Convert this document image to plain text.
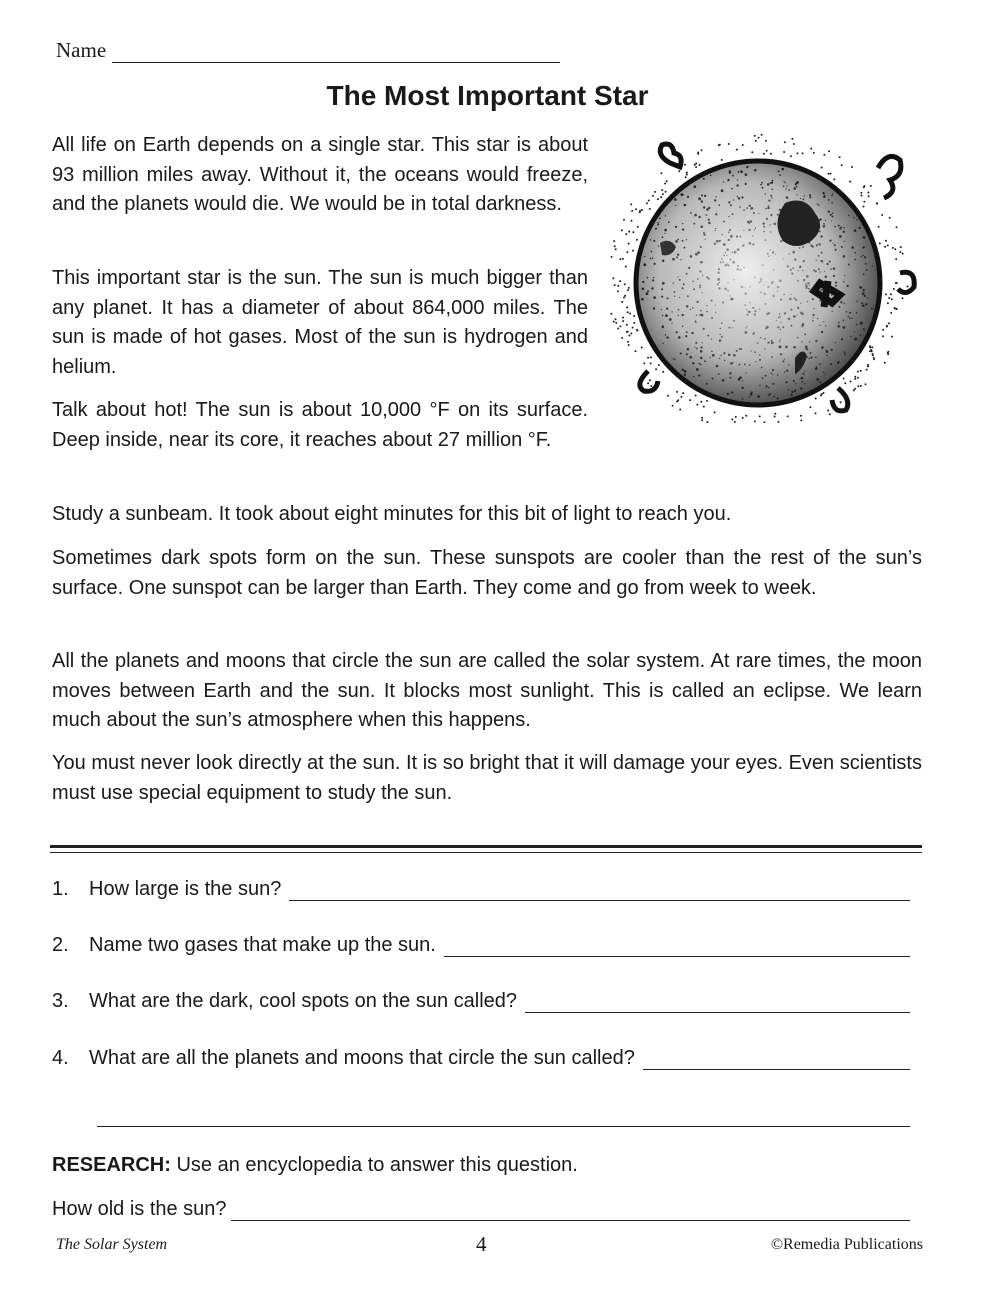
Name
The Most Important Star

All life on Earth depends on a single star. This star is about 93 million miles away. Without it, the oceans would freeze, and the planets would die. We would be in total darkness.

This important star is the sun. The sun is much bigger than any planet. It has a diameter of about 864,000 miles. The sun is made of hot gases. Most of the sun is hydrogen and helium.

Talk about hot! The sun is about 10,000 °F on its surface. Deep inside, near its core, it reaches about 27 million °F.

Study a sunbeam. It took about eight minutes for this bit of light to reach you.

Sometimes dark spots form on the sun. These sunspots are cooler than the rest of the sun’s surface. One sunspot can be larger than Earth. They come and go from week to week.

All the planets and moons that circle the sun are called the solar system. At rare times, the moon moves between Earth and the sun. It blocks most sunlight. This is called an eclipse. We learn much about the sun’s atmosphere when this happens.

You must never look directly at the sun. It is so bright that it will damage your eyes. Even scientists must use special equipment to study the sun.

1.	How large is the sun?
2.	Name two gases that make up the sun.
3.	What are the dark, cool spots on the sun called?
4.	What are all the planets and moons that circle the sun called?
RESEARCH: Use an encyclopedia to answer this question.
How old is the sun?
The Solar System	4	©Remedia Publications
